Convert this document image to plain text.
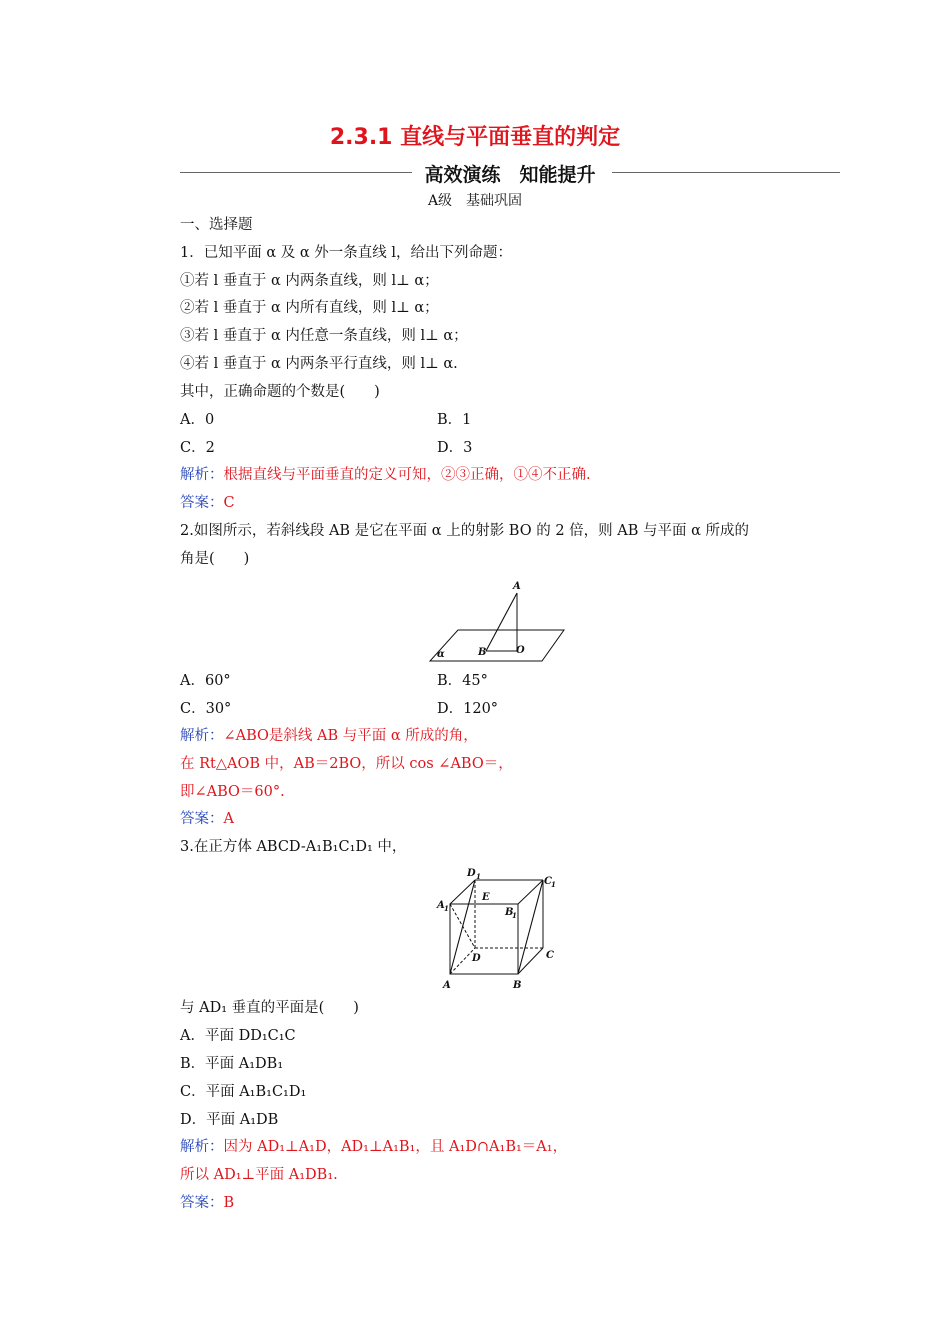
2.3.1 直线与平面垂直的判定
高效演练　知能提升
A级　基础巩固
一、选择题
1．已知平面 α 及 α 外一条直线 l，给出下列命题：
①若 l 垂直于 α 内两条直线，则 l⊥ α；
②若 l 垂直于 α 内所有直线，则 l⊥ α；
③若 l 垂直于 α 内任意一条直线，则 l⊥ α；
④若 l 垂直于 α 内两条平行直线，则 l⊥ α.
其中，正确命题的个数是(　　)
A．0	B．1
C．2	D．3
解析：根据直线与平面垂直的定义可知，②③正确，①④不正确.
答案：C
2.如图所示，若斜线段 AB 是它在平面 α 上的射影 BO 的 2 倍，则 AB 与平面 α 所成的
角是(　　)
A
α	B	O
A．60°	B．45°
C．30°	D．120°
解析：∠ABO是斜线 AB 与平面 α 所成的角，
在 Rt△AOB 中，AB＝2BO，所以 cos ∠ABO＝，
即∠ABO＝60°.
答案：A
3.在正方体 ABCD-A₁B₁C₁D₁ 中，
D 1
E
C 1
A 1	B
1
D	C
A	B
与 AD₁ 垂直的平面是(　　)
A．平面 DD₁C₁C
B．平面 A₁DB₁
C．平面 A₁B₁C₁D₁
D．平面 A₁DB
解析：因为 AD₁⊥A₁D，AD₁⊥A₁B₁，且 A₁D∩A₁B₁＝A₁，
所以 AD₁⊥平面 A₁DB₁.
答案：B
